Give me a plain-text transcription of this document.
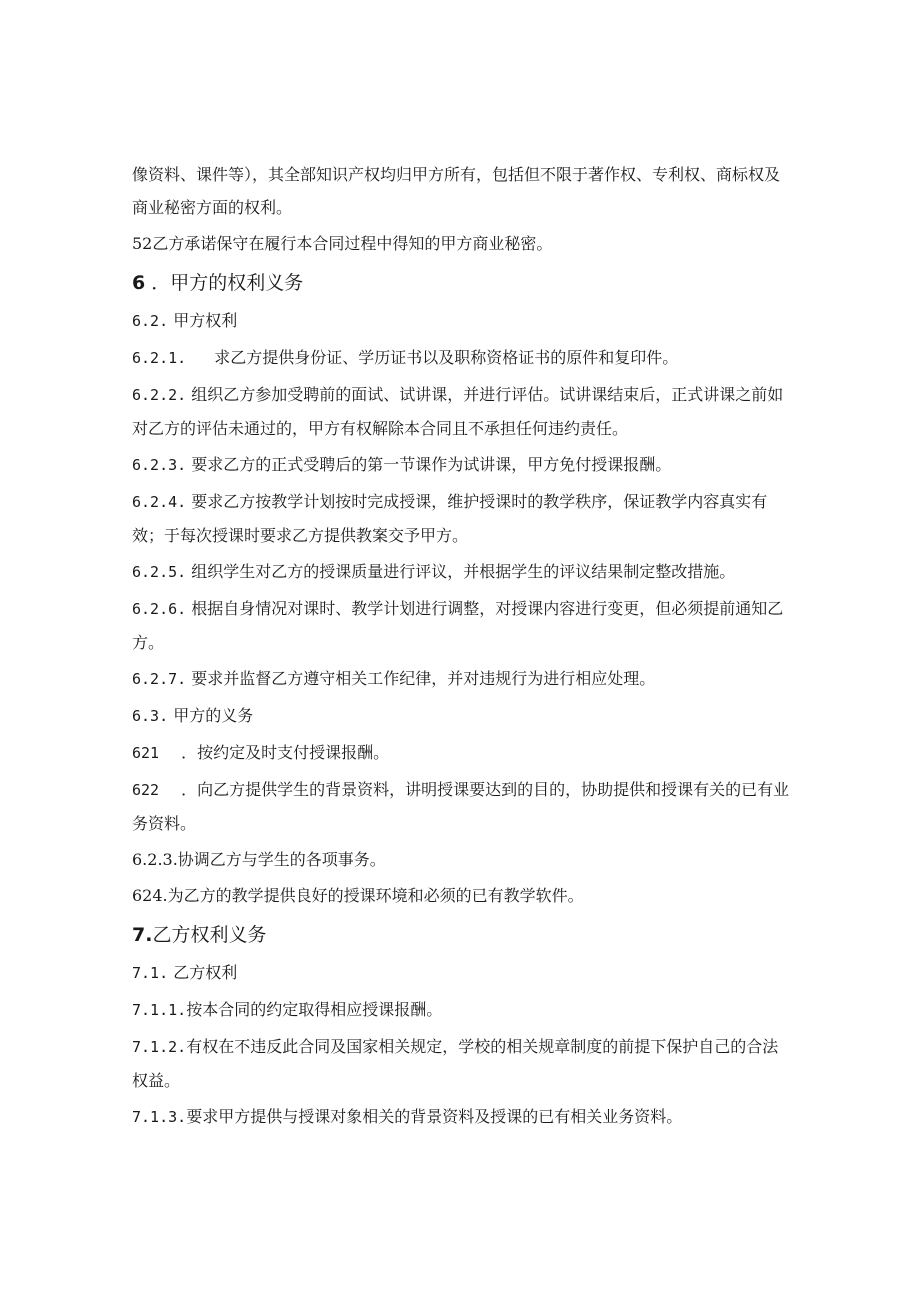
像资料、课件等），其全部知识产权均归甲方所有，包括但不限于著作权、专利权、商标权及商业秘密方面的权利。

52乙方承诺保守在履行本合同过程中得知的甲方商业秘密。

6 ．甲方的权利义务

6.2. 甲方权利

6.2.1. 求乙方提供身份证、学历证书以及职称资格证书的原件和复印件。

6.2.2. 组织乙方参加受聘前的面试、试讲课，并进行评估。试讲课结束后，正式讲课之前如对乙方的评估未通过的，甲方有权解除本合同且不承担任何违约责任。

6.2.3. 要求乙方的正式受聘后的第一节课作为试讲课，甲方免付授课报酬。

6.2.4. 要求乙方按教学计划按时完成授课，维护授课时的教学秩序，保证教学内容真实有效；于每次授课时要求乙方提供教案交予甲方。

6.2.5. 组织学生对乙方的授课质量进行评议，并根据学生的评议结果制定整改措施。

6.2.6. 根据自身情况对课时、教学计划进行调整，对授课内容进行变更，但必须提前通知乙方。

6.2.7. 要求并监督乙方遵守相关工作纪律，并对违规行为进行相应处理。

6.3. 甲方的义务

621 ．按约定及时支付授课报酬。

622 ．向乙方提供学生的背景资料，讲明授课要达到的目的，协助提供和授课有关的已有业务资料。

6.2.3.协调乙方与学生的各项事务。

624.为乙方的教学提供良好的授课环境和必须的已有教学软件。

7.乙方权利义务

7.1. 乙方权利

7.1.1.按本合同的约定取得相应授课报酬。

7.1.2.有权在不违反此合同及国家相关规定，学校的相关规章制度的前提下保护自己的合法权益。

7.1.3.要求甲方提供与授课对象相关的背景资料及授课的已有相关业务资料。
